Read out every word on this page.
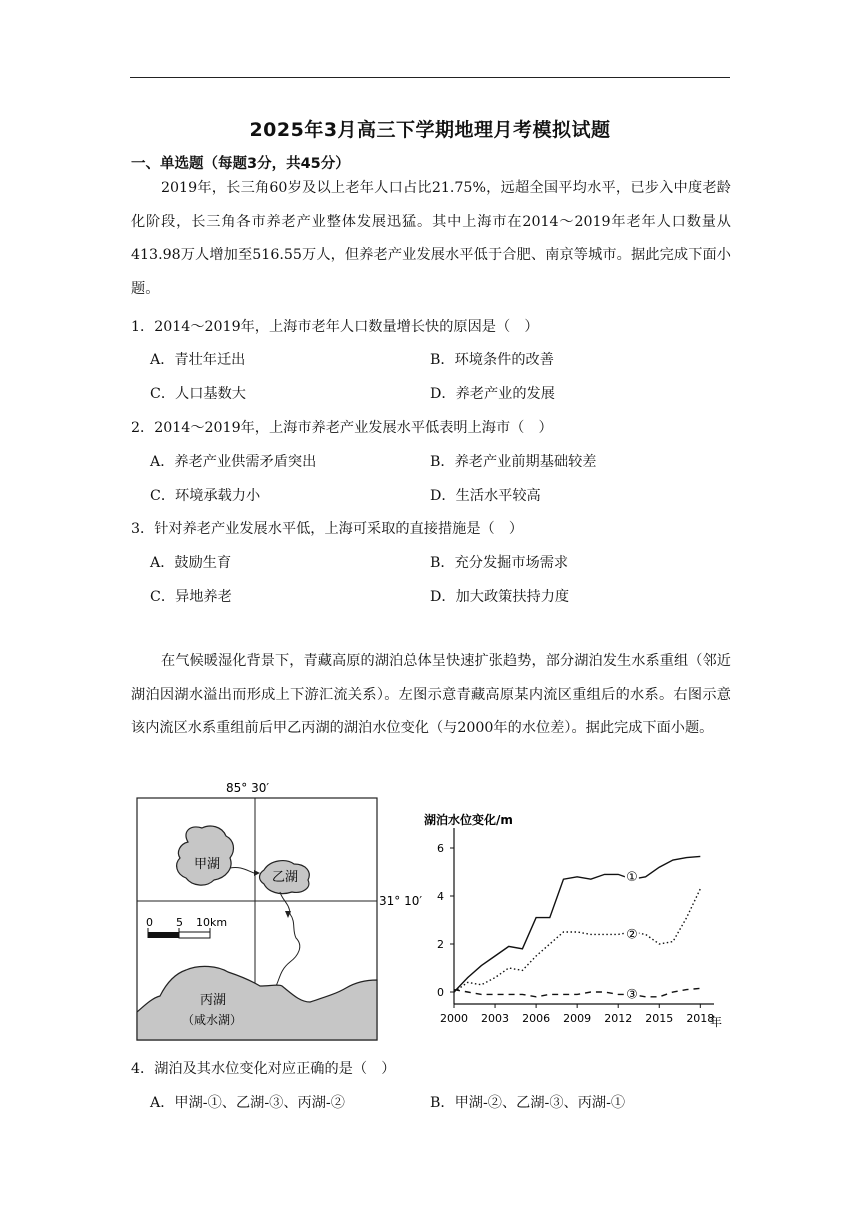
2025年3月高三下学期地理月考模拟试题
一、单选题（每题3分，共45分）

2019年，长三角60岁及以上老年人口占比21.75%，远超全国平均水平，已步入中度老龄化阶段，长三角各市养老产业整体发展迅猛。其中上海市在2014～2019年老年人口数量从413.98万人增加至516.55万人，但养老产业发展水平低于合肥、南京等城市。据此完成下面小题。

1．2014～2019年，上海市老年人口数量增长快的原因是（　）
A．青壮年迁出	B．环境条件的改善
C．人口基数大	D．养老产业的发展
2．2014～2019年，上海市养老产业发展水平低表明上海市（　）
A．养老产业供需矛盾突出	B．养老产业前期基础较差
C．环境承载力小	D．生活水平较高
3．针对养老产业发展水平低，上海可采取的直接措施是（　）
A．鼓励生育	B．充分发掘市场需求
C．异地养老	D．加大政策扶持力度

在气候暖湿化背景下，青藏高原的湖泊总体呈快速扩张趋势，部分湖泊发生水系重组（邻近湖泊因湖水溢出而形成上下游汇流关系）。左图示意青藏高原某内流区重组后的水系。右图示意该内流区水系重组前后甲乙丙湖的湖泊水位变化（与2000年的水位差）。据此完成下面小题。

85° 30′
31° 10′
甲湖
乙湖
丙湖
（咸水湖）
0 5 10km
湖泊水位变化/m
年
0
2
4
6
2000 2003 2006 2009 2012 2015 2018
①
②
③
4．湖泊及其水位变化对应正确的是（　）
A．甲湖-①、乙湖-③、丙湖-②	B．甲湖-②、乙湖-③、丙湖-①
